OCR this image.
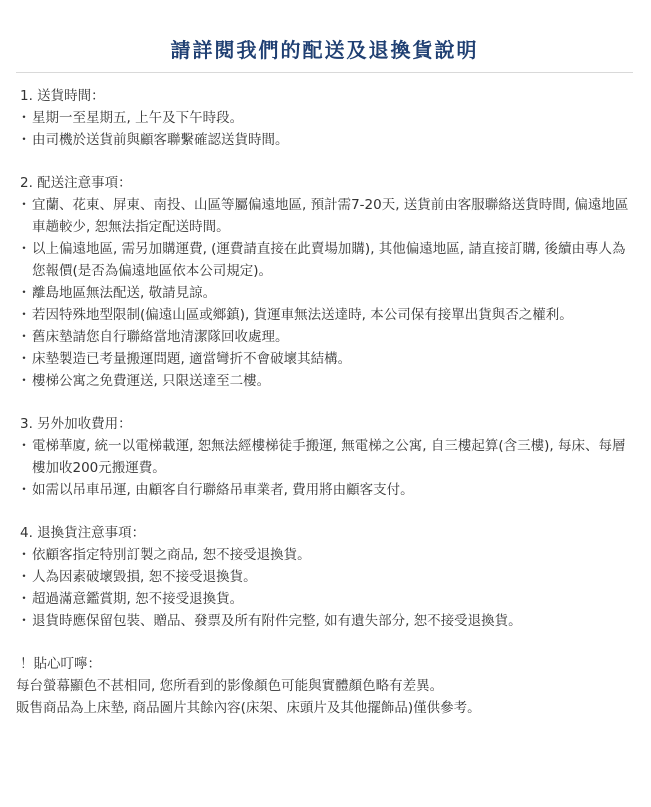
請詳閱我們的配送及退換貨說明
1. 送貨時間：
・ 星期一至星期五, 上午及下午時段。
・ 由司機於送貨前與顧客聯繫確認送貨時間。
2. 配送注意事項：
・ 宜蘭、花東、屏東、南投、山區等屬偏遠地區, 預計需7-20天, 送貨前由客服聯絡送貨時間, 偏遠地區車趟較少, 恕無法指定配送時間。
・ 以上偏遠地區, 需另加購運費, (運費請直接在此賣場加購), 其他偏遠地區, 請直接訂購, 後續由專人為您報價(是否為偏遠地區依本公司規定)。
・ 離島地區無法配送, 敬請見諒。
・ 若因特殊地型限制(偏遠山區或鄉鎮), 貨運車無法送達時, 本公司保有接單出貨與否之權利。
・ 舊床墊請您自行聯絡當地清潔隊回收處理。
・ 床墊製造已考量搬運問題, 適當彎折不會破壞其結構。
・ 樓梯公寓之免費運送, 只限送達至二樓。
3. 另外加收費用：
・ 電梯華廈, 統一以電梯載運, 恕無法經樓梯徒手搬運, 無電梯之公寓, 自三樓起算(含三樓), 每床、每層樓加收200元搬運費。
・ 如需以吊車吊運, 由顧客自行聯絡吊車業者, 費用將由顧客支付。
4. 退換貨注意事項：
・ 依顧客指定特別訂製之商品, 恕不接受退換貨。
・ 人為因素破壞毀損, 恕不接受退換貨。
・ 超過滿意鑑賞期, 恕不接受退換貨。
・ 退貨時應保留包裝、贈品、發票及所有附件完整, 如有遺失部分, 恕不接受退換貨。
！貼心叮嚀：
每台螢幕顯色不甚相同, 您所看到的影像顏色可能與實體顏色略有差異。
販售商品為上床墊, 商品圖片其餘內容(床架、床頭片及其他擺飾品)僅供參考。
